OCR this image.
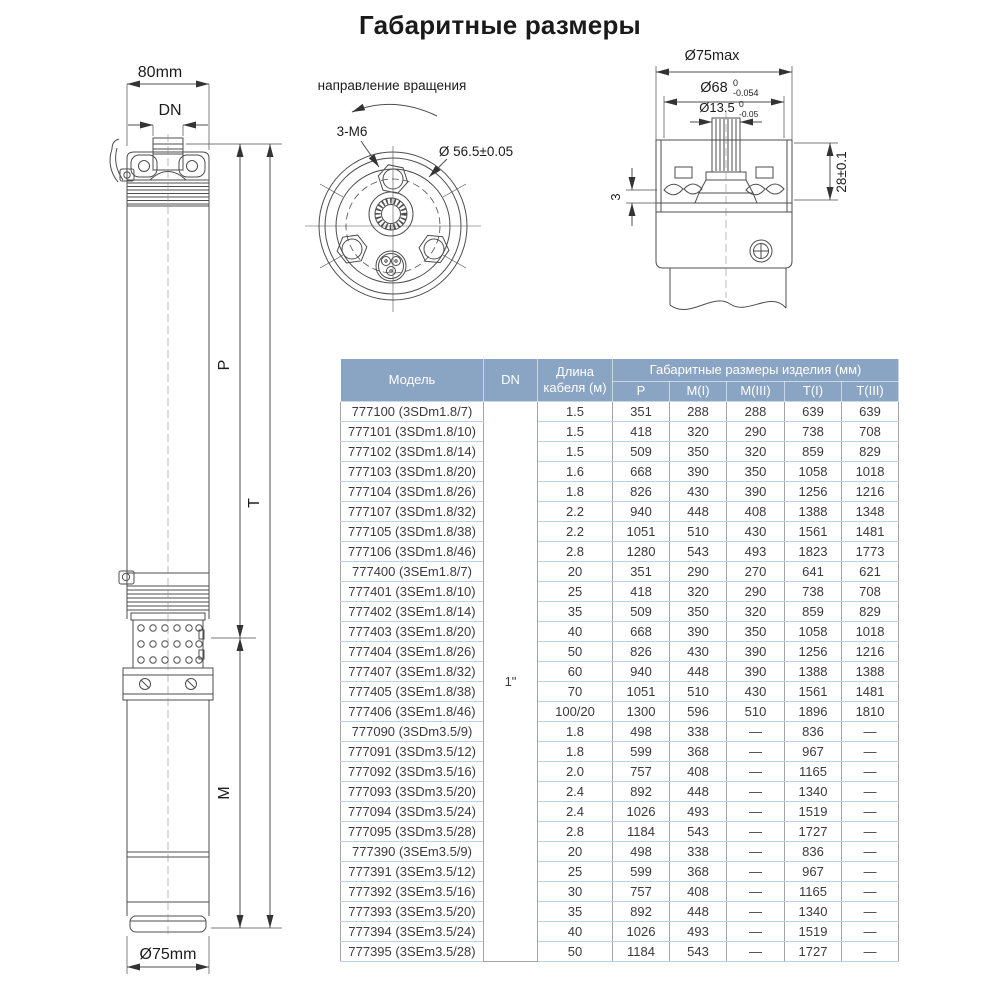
Габаритные размеры
80mm
DN
P
T
M
Ø75mm
направление вращения
3-M6
Ø 56.5±0.05
Ø75max
Ø68 0
-0.054
Ø13.5 0
-0.05
28±0.1
3
Модель	DN	Длина кабеля (м)	Габаритные размеры изделия (мм)				
			P	M(I)	M(III)	T(I)	T(III)
777100 (3SDm1.8/7)	1"	1.5	351	288	288	639	639
777101 (3SDm1.8/10)		1.5	418	320	290	738	708
777102 (3SDm1.8/14)		1.5	509	350	320	859	829
777103 (3SDm1.8/20)		1.6	668	390	350	1058	1018
777104 (3SDm1.8/26)		1.8	826	430	390	1256	1216
777107 (3SDm1.8/32)		2.2	940	448	408	1388	1348
777105 (3SDm1.8/38)		2.2	1051	510	430	1561	1481
777106 (3SDm1.8/46)		2.8	1280	543	493	1823	1773
777400 (3SEm1.8/7)		20	351	290	270	641	621
777401 (3SEm1.8/10)		25	418	320	290	738	708
777402 (3SEm1.8/14)		35	509	350	320	859	829
777403 (3SEm1.8/20)		40	668	390	350	1058	1018
777404 (3SEm1.8/26)		50	826	430	390	1256	1216
777407 (3SEm1.8/32)		60	940	448	390	1388	1388
777405 (3SEm1.8/38)		70	1051	510	430	1561	1481
777406 (3SEm1.8/46)		100/20	1300	596	510	1896	1810
777090 (3SDm3.5/9)		1.8	498	338	—	836	—
777091 (3SDm3.5/12)		1.8	599	368	—	967	—
777092 (3SDm3.5/16)		2.0	757	408	—	1165	—
777093 (3SDm3.5/20)		2.4	892	448	—	1340	—
777094 (3SDm3.5/24)		2.4	1026	493	—	1519	—
777095 (3SDm3.5/28)		2.8	1184	543	—	1727	—
777390 (3SEm3.5/9)		20	498	338	—	836	—
777391 (3SEm3.5/12)		25	599	368	—	967	—
777392 (3SEm3.5/16)		30	757	408	—	1165	—
777393 (3SEm3.5/20)		35	892	448	—	1340	—
777394 (3SEm3.5/24)		40	1026	493	—	1519	—
777395 (3SEm3.5/28)		50	1184	543	—	1727	—
